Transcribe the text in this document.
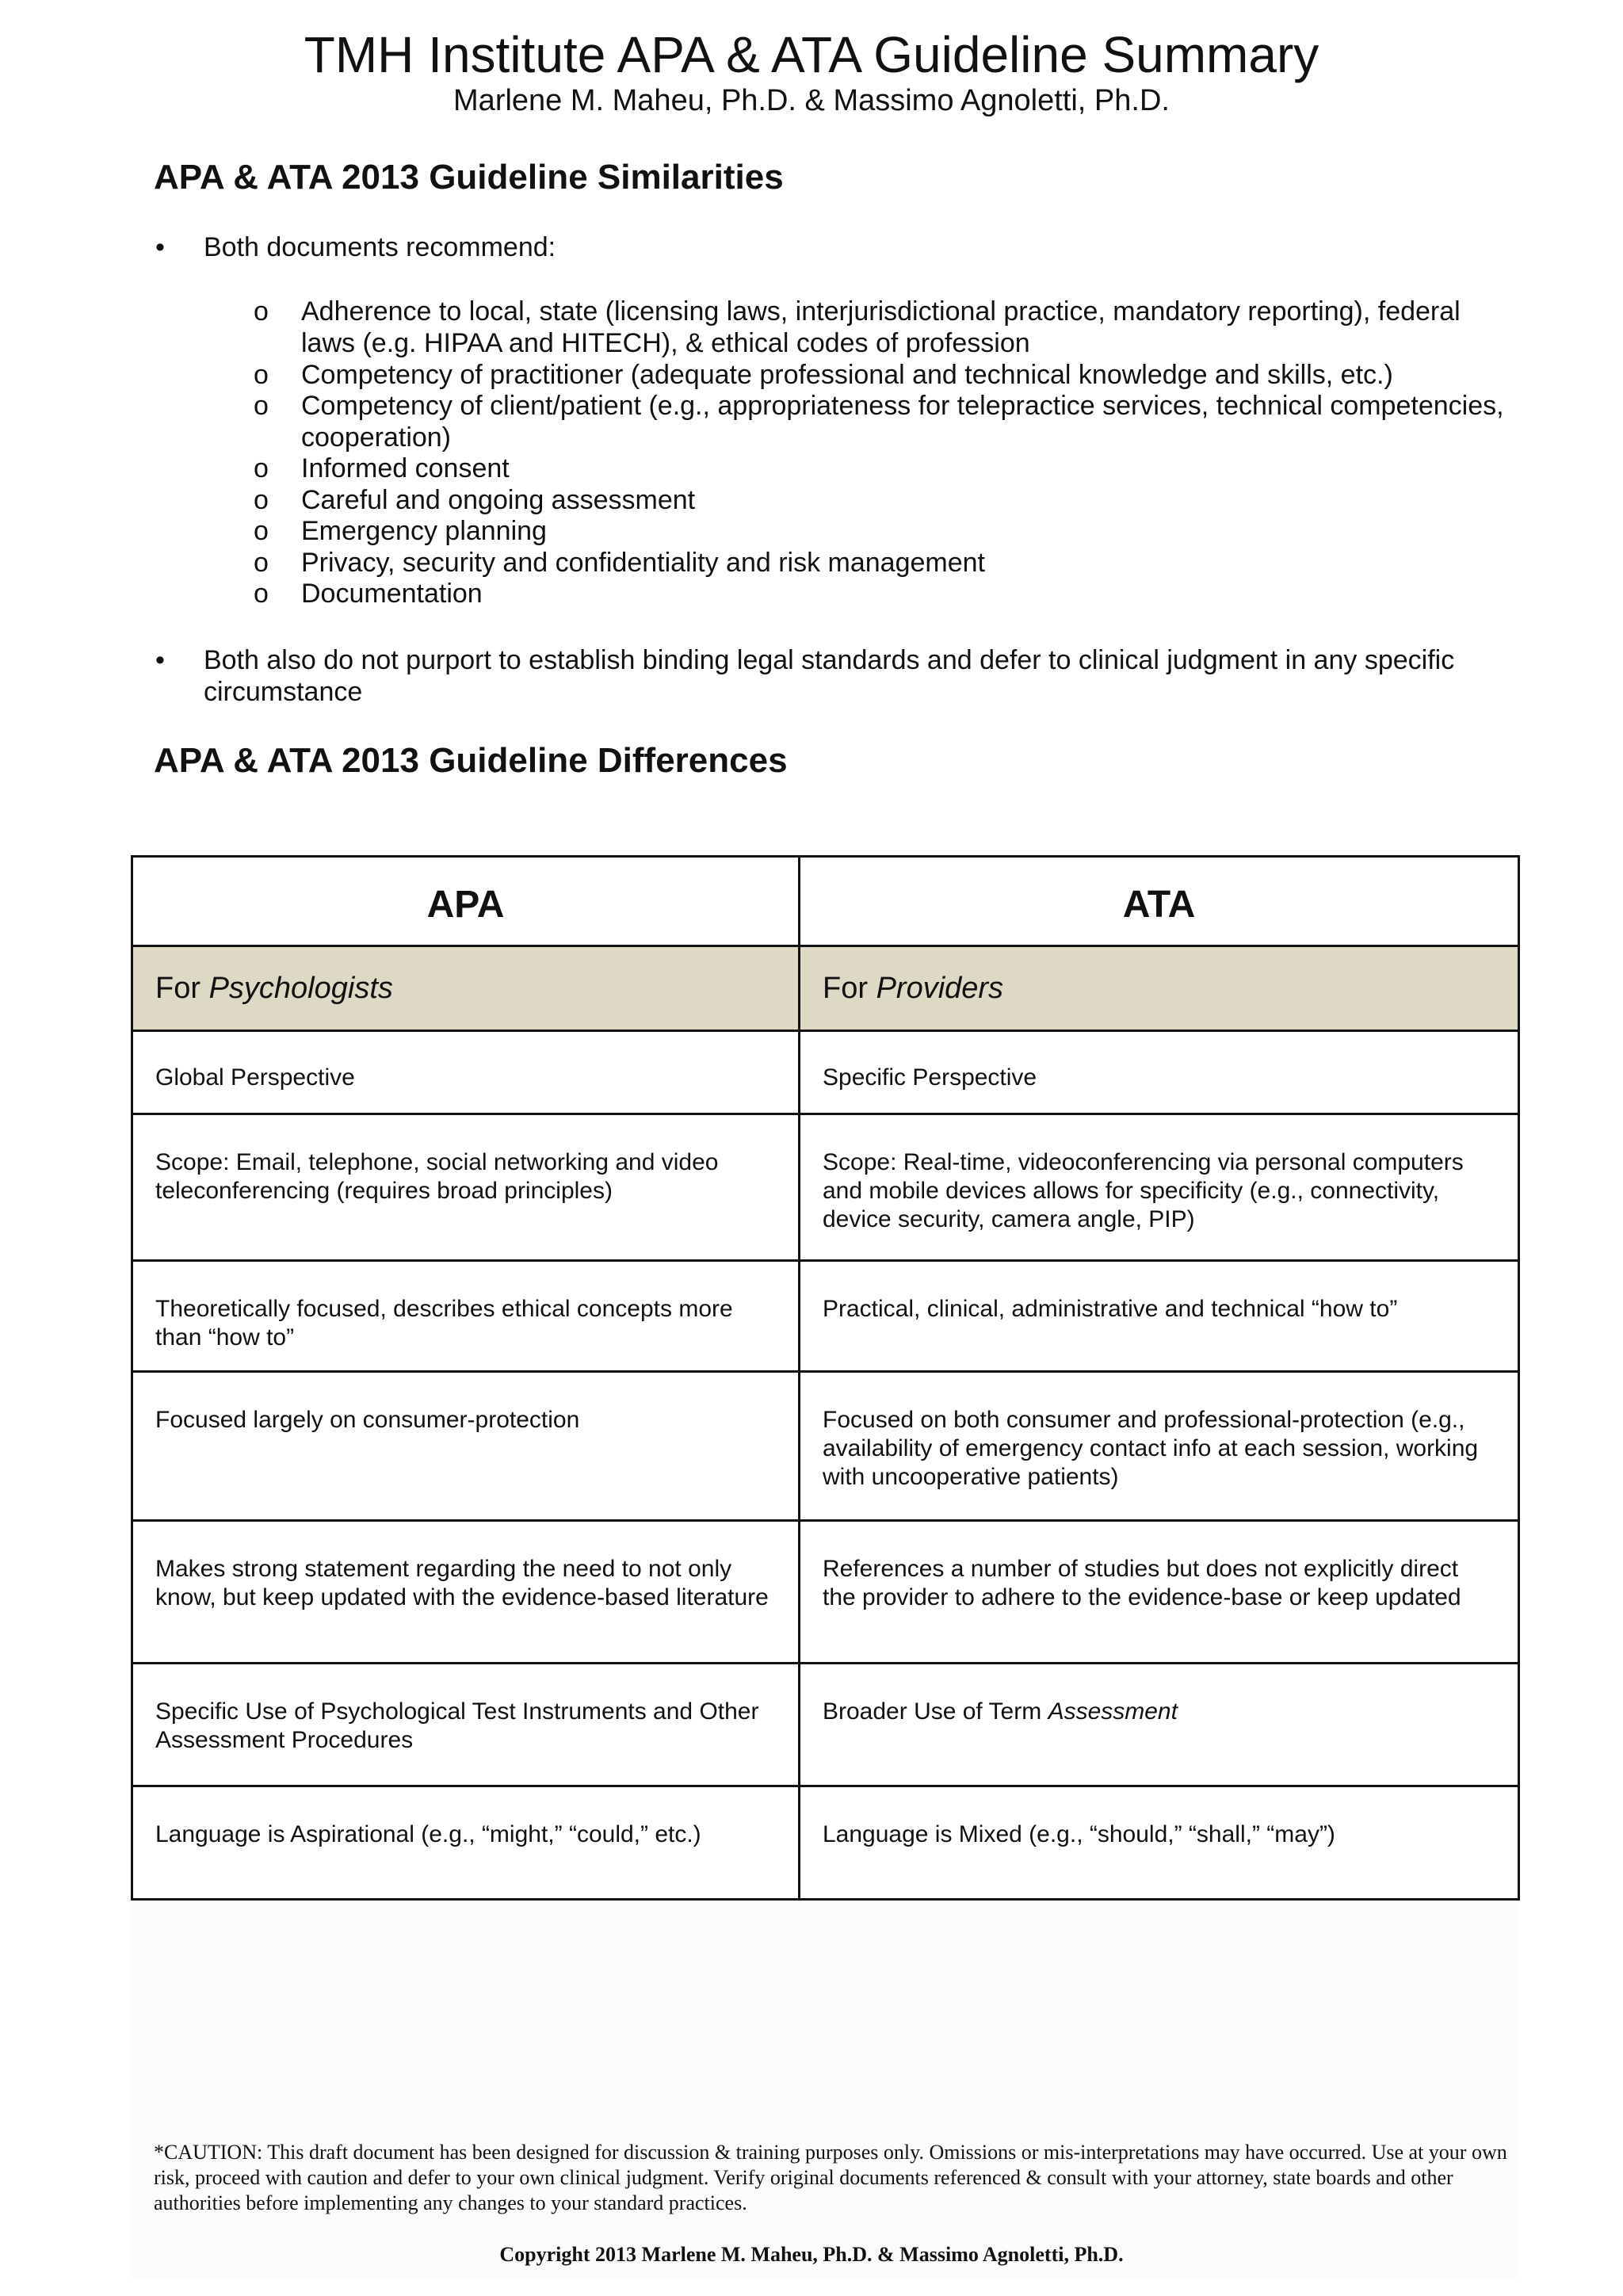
TMH Institute APA & ATA Guideline Summary
Marlene M. Maheu, Ph.D. & Massimo Agnoletti, Ph.D.
APA & ATA 2013 Guideline Similarities
• Both documents recommend:
o Adherence to local, state (licensing laws, interjurisdictional practice, mandatory reporting), federal laws (e.g. HIPAA and HITECH), & ethical codes of profession
o Competency of practitioner (adequate professional and technical knowledge and skills, etc.)
o Competency of client/patient (e.g., appropriateness for telepractice services, technical competencies, cooperation)
o Informed consent
o Careful and ongoing assessment
o Emergency planning
o Privacy, security and confidentiality and risk management
o Documentation
• Both also do not purport to establish binding legal standards and defer to clinical judgment in any specific circumstance
APA & ATA 2013 Guideline Differences
APA	ATA
For Psychologists	For Providers
Global Perspective	Specific Perspective
Scope: Email, telephone, social networking and video teleconferencing (requires broad principles)	Scope: Real-time, videoconferencing via personal computers and mobile devices allows for specificity (e.g., connectivity, device security, camera angle, PIP)
Theoretically focused, describes ethical concepts more than “how to”	Practical, clinical, administrative and technical “how to”
Focused largely on consumer-protection	Focused on both consumer and professional-protection (e.g., availability of emergency contact info at each session, working with uncooperative patients)
Makes strong statement regarding the need to not only know, but keep updated with the evidence-based literature	References a number of studies but does not explicitly direct the provider to adhere to the evidence-base or keep updated
Specific Use of Psychological Test Instruments and Other Assessment Procedures	Broader Use of Term Assessment
Language is Aspirational (e.g., “might,” “could,” etc.)	Language is Mixed (e.g., “should,” “shall,” “may”)
*CAUTION: This draft document has been designed for discussion & training purposes only. Omissions or mis-interpretations may have occurred. Use at your own risk, proceed with caution and defer to your own clinical judgment. Verify original documents referenced & consult with your attorney, state boards and other authorities before implementing any changes to your standard practices.
Copyright 2013 Marlene M. Maheu, Ph.D. & Massimo Agnoletti, Ph.D.
